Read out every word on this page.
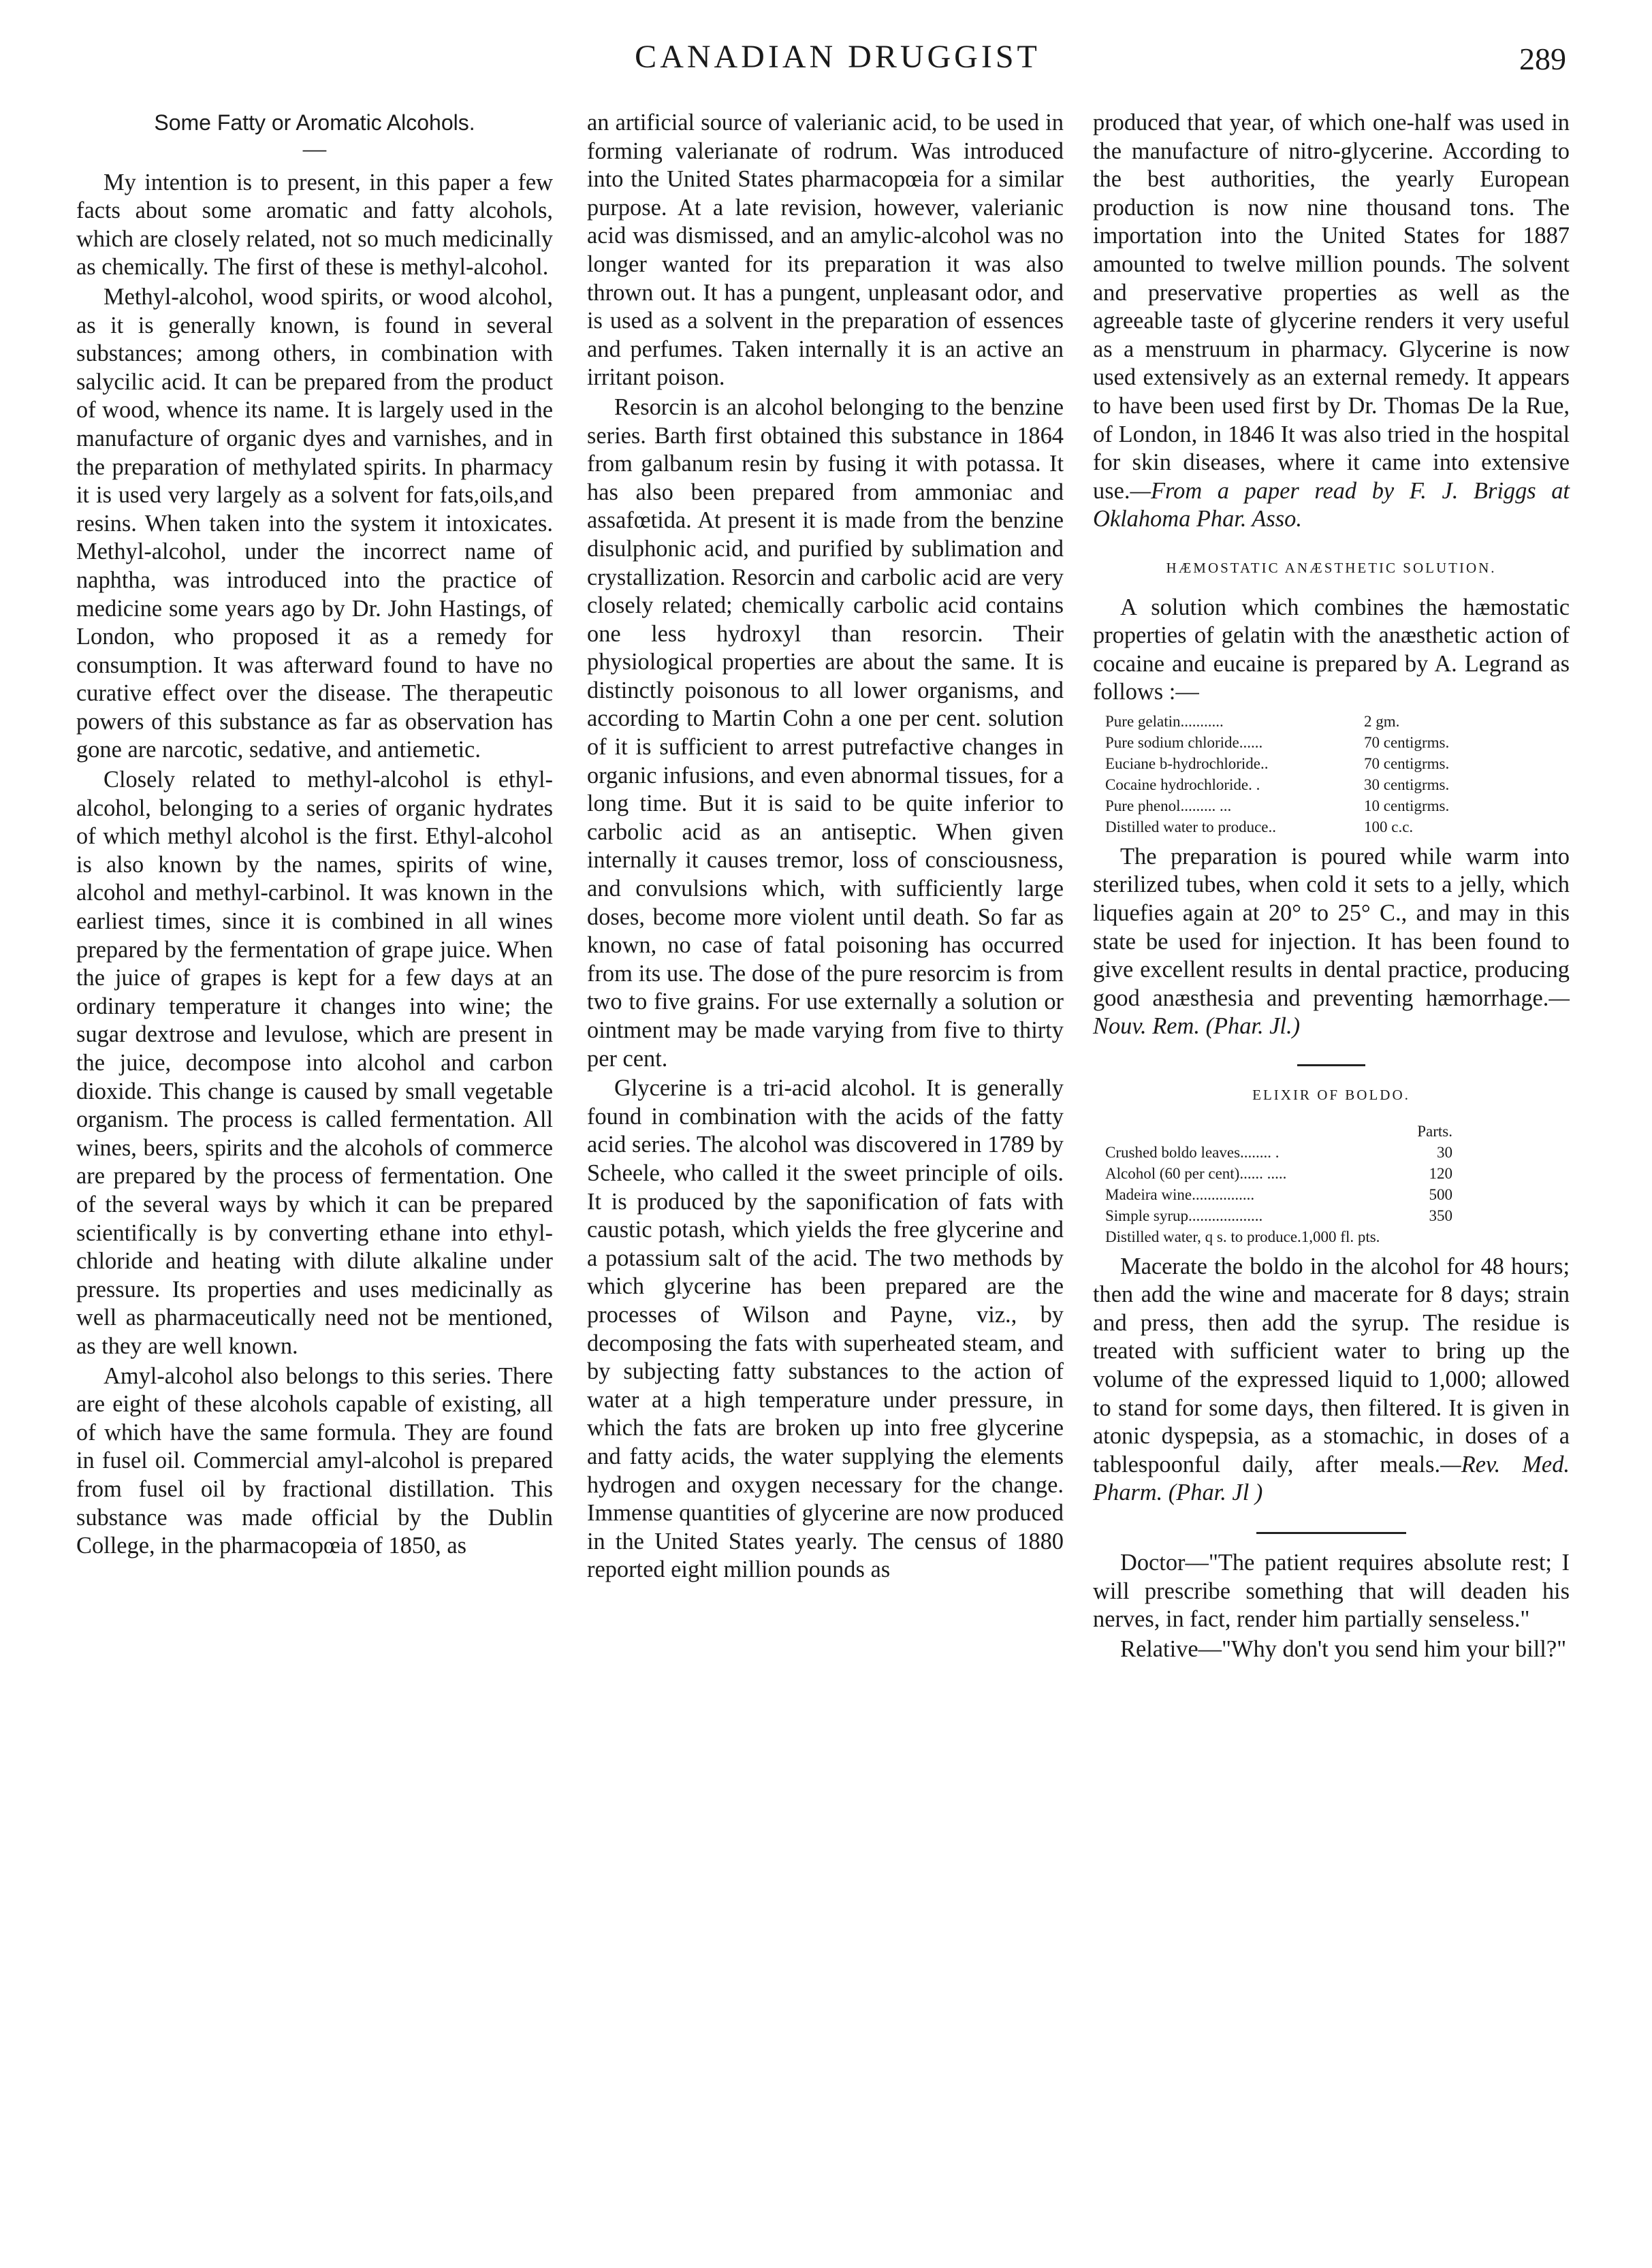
CANADIAN DRUGGIST	289
Some Fatty or Aromatic Alcohols.
—

My intention is to present, in this paper a few facts about some aromatic and fatty alcohols, which are closely related, not so much medicinally as chemically. The first of these is methyl-alcohol.

Methyl-alcohol, wood spirits, or wood alcohol, as it is generally known, is found in several substances; among others, in combination with salycilic acid. It can be prepared from the product of wood, whence its name. It is largely used in the manufacture of organic dyes and varnishes, and in the preparation of methylated spirits. In pharmacy it is used very largely as a solvent for fats,oils,and resins. When taken into the system it intoxicates. Methyl-alcohol, under the incorrect name of naphtha, was introduced into the practice of medicine some years ago by Dr. John Hastings, of London, who proposed it as a remedy for consumption. It was afterward found to have no curative effect over the disease. The therapeutic powers of this substance as far as observation has gone are narcotic, sedative, and antiemetic.

Closely related to methyl-alcohol is ethyl-alcohol, belonging to a series of organic hydrates of which methyl alcohol is the first. Ethyl-alcohol is also known by the names, spirits of wine, alcohol and methyl-carbinol. It was known in the earliest times, since it is combined in all wines prepared by the fermentation of grape juice. When the juice of grapes is kept for a few days at an ordinary temperature it changes into wine; the sugar dextrose and levulose, which are present in the juice, decompose into alcohol and carbon dioxide. This change is caused by small vegetable organism. The process is called fermentation. All wines, beers, spirits and the alcohols of commerce are prepared by the process of fermentation. One of the several ways by which it can be prepared scientifically is by converting ethane into ethyl-chloride and heating with dilute alkaline under pressure. Its properties and uses medicinally as well as pharmaceutically need not be mentioned, as they are well known.

Amyl-alcohol also belongs to this series. There are eight of these alcohols capable of existing, all of which have the same formula. They are found in fusel oil. Commercial amyl-alcohol is prepared from fusel oil by fractional distillation. This substance was made official by the Dublin College, in the pharmacopœia of 1850, as

an artificial source of valerianic acid, to be used in forming valerianate of rodrum. Was introduced into the United States pharmacopœia for a similar purpose. At a late revision, however, valerianic acid was dismissed, and an amylic-alcohol was no longer wanted for its preparation it was also thrown out. It has a pungent, unpleasant odor, and is used as a solvent in the preparation of essences and perfumes. Taken internally it is an active an irritant poison.

Resorcin is an alcohol belonging to the benzine series. Barth first obtained this substance in 1864 from galbanum resin by fusing it with potassa. It has also been prepared from ammoniac and assafœtida. At present it is made from the benzine disulphonic acid, and purified by sublimation and crystallization. Resorcin and carbolic acid are very closely related; chemically carbolic acid contains one less hydroxyl than resorcin. Their physiological properties are about the same. It is distinctly poisonous to all lower organisms, and according to Martin Cohn a one per cent. solution of it is sufficient to arrest putrefactive changes in organic infusions, and even abnormal tissues, for a long time. But it is said to be quite inferior to carbolic acid as an antiseptic. When given internally it causes tremor, loss of consciousness, and convulsions which, with sufficiently large doses, become more violent until death. So far as known, no case of fatal poisoning has occurred from its use. The dose of the pure resorcim is from two to five grains. For use externally a solution or ointment may be made varying from five to thirty per cent.

Glycerine is a tri-acid alcohol. It is generally found in combination with the acids of the fatty acid series. The alcohol was discovered in 1789 by Scheele, who called it the sweet principle of oils. It is produced by the saponification of fats with caustic potash, which yields the free glycerine and a potassium salt of the acid. The two methods by which glycerine has been prepared are the processes of Wilson and Payne, viz., by decomposing the fats with superheated steam, and by subjecting fatty substances to the action of water at a high temperature under pressure, in which the fats are broken up into free glycerine and fatty acids, the water supplying the elements hydrogen and oxygen necessary for the change. Immense quantities of glycerine are now produced in the United States yearly. The census of 1880 reported eight million pounds as

produced that year, of which one-half was used in the manufacture of nitro-glycerine. According to the best authorities, the yearly European production is now nine thousand tons. The importation into the United States for 1887 amounted to twelve million pounds. The solvent and preservative properties as well as the agreeable taste of glycerine renders it very useful as a menstruum in pharmacy. Glycerine is now used extensively as an external remedy. It appears to have been used first by Dr. Thomas De la Rue, of London, in 1846 It was also tried in the hospital for skin diseases, where it came into extensive use.—From a paper read by F. J. Briggs at Oklahoma Phar. Asso.

HÆMOSTATIC ANÆSTHETIC SOLUTION.

A solution which combines the hæmostatic properties of gelatin with the anæsthetic action of cocaine and eucaine is prepared by A. Legrand as follows :—

Pure gelatin...........	2 gm.
Pure sodium chloride......	70 centigrms.
Euciane b-hydrochloride..	70 centigrms.
Cocaine hydrochloride. .	30 centigrms.
Pure phenol......... ...	10 centigrms.
Distilled water to produce..	100 c.c.

The preparation is poured while warm into sterilized tubes, when cold it sets to a jelly, which liquefies again at 20° to 25° C., and may in this state be used for injection. It has been found to give excellent results in dental practice, producing good anæsthesia and preventing hæmorrhage.—Nouv. Rem. (Phar. Jl.)

ELIXIR OF BOLDO.
Parts.
Crushed boldo leaves........ .	30
Alcohol (60 per cent)...... .....	120
Madeira wine................	500
Simple syrup...................	350
Distilled water, q s. to produce.1,000 fl. pts.

Macerate the boldo in the alcohol for 48 hours; then add the wine and macerate for 8 days; strain and press, then add the syrup. The residue is treated with sufficient water to bring up the volume of the expressed liquid to 1,000; allowed to stand for some days, then filtered. It is given in atonic dyspepsia, as a stomachic, in doses of a tablespoonful daily, after meals.—Rev. Med. Pharm. (Phar. Jl )

Doctor—"The patient requires absolute rest; I will prescribe something that will deaden his nerves, in fact, render him partially senseless."

Relative—"Why don't you send him your bill?"
